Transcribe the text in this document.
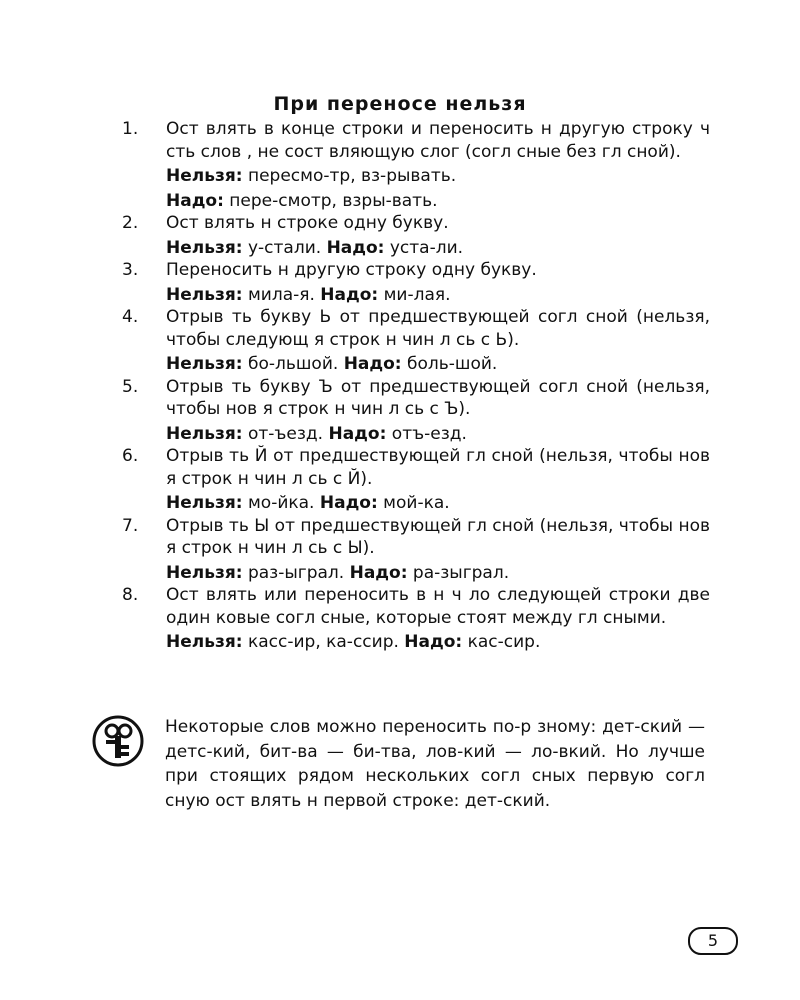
При переносе нельзя
1. Ост влять в конце строки и переносить н другую строку ч сть слов , не сост вляющую слог (согл сные без гл сной).
Нельзя: пересмо-тр, вз-рывать.
Надо: пере-смотр, взры-вать.
2. Ост влять н строке одну букву.
Нельзя: у-стали. Надо: уста-ли.
3. Переносить н другую строку одну букву.
Нельзя: мила-я. Надо: ми-лая.
4. Отрыв ть букву Ь от предшествующей согл сной (нельзя, чтобы следующ я строк н чин л сь с Ь).
Нельзя: бо-льшой. Надо: боль-шой.
5. Отрыв ть букву Ъ от предшествующей согл сной (нельзя, чтобы нов я строк н чин л сь с Ъ).
Нельзя: от-ъезд. Надо: отъ-езд.
6. Отрыв ть Й от предшествующей гл сной (нельзя, чтобы нов я строк н чин л сь с Й).
Нельзя: мо-йка. Надо: мой-ка.
7. Отрыв ть Ы от предшествующей гл сной (нельзя, чтобы нов я строк н чин л сь с Ы).
Нельзя: раз-ыграл. Надо: ра-зыграл.
8. Ост влять или переносить в н ч ло следующей строки две один ковые согл сные, которые стоят между гл сными.
Нельзя: касс-ир, ка-ссир. Надо: кас-сир.

Некоторые слов можно переносить по-р зному: дет-ский — детс-кий, бит-ва — би-тва, лов-кий — ло-вкий. Но лучше при стоящих рядом нескольких согл сных первую согл сную ост влять н первой строке: дет-ский.

5
